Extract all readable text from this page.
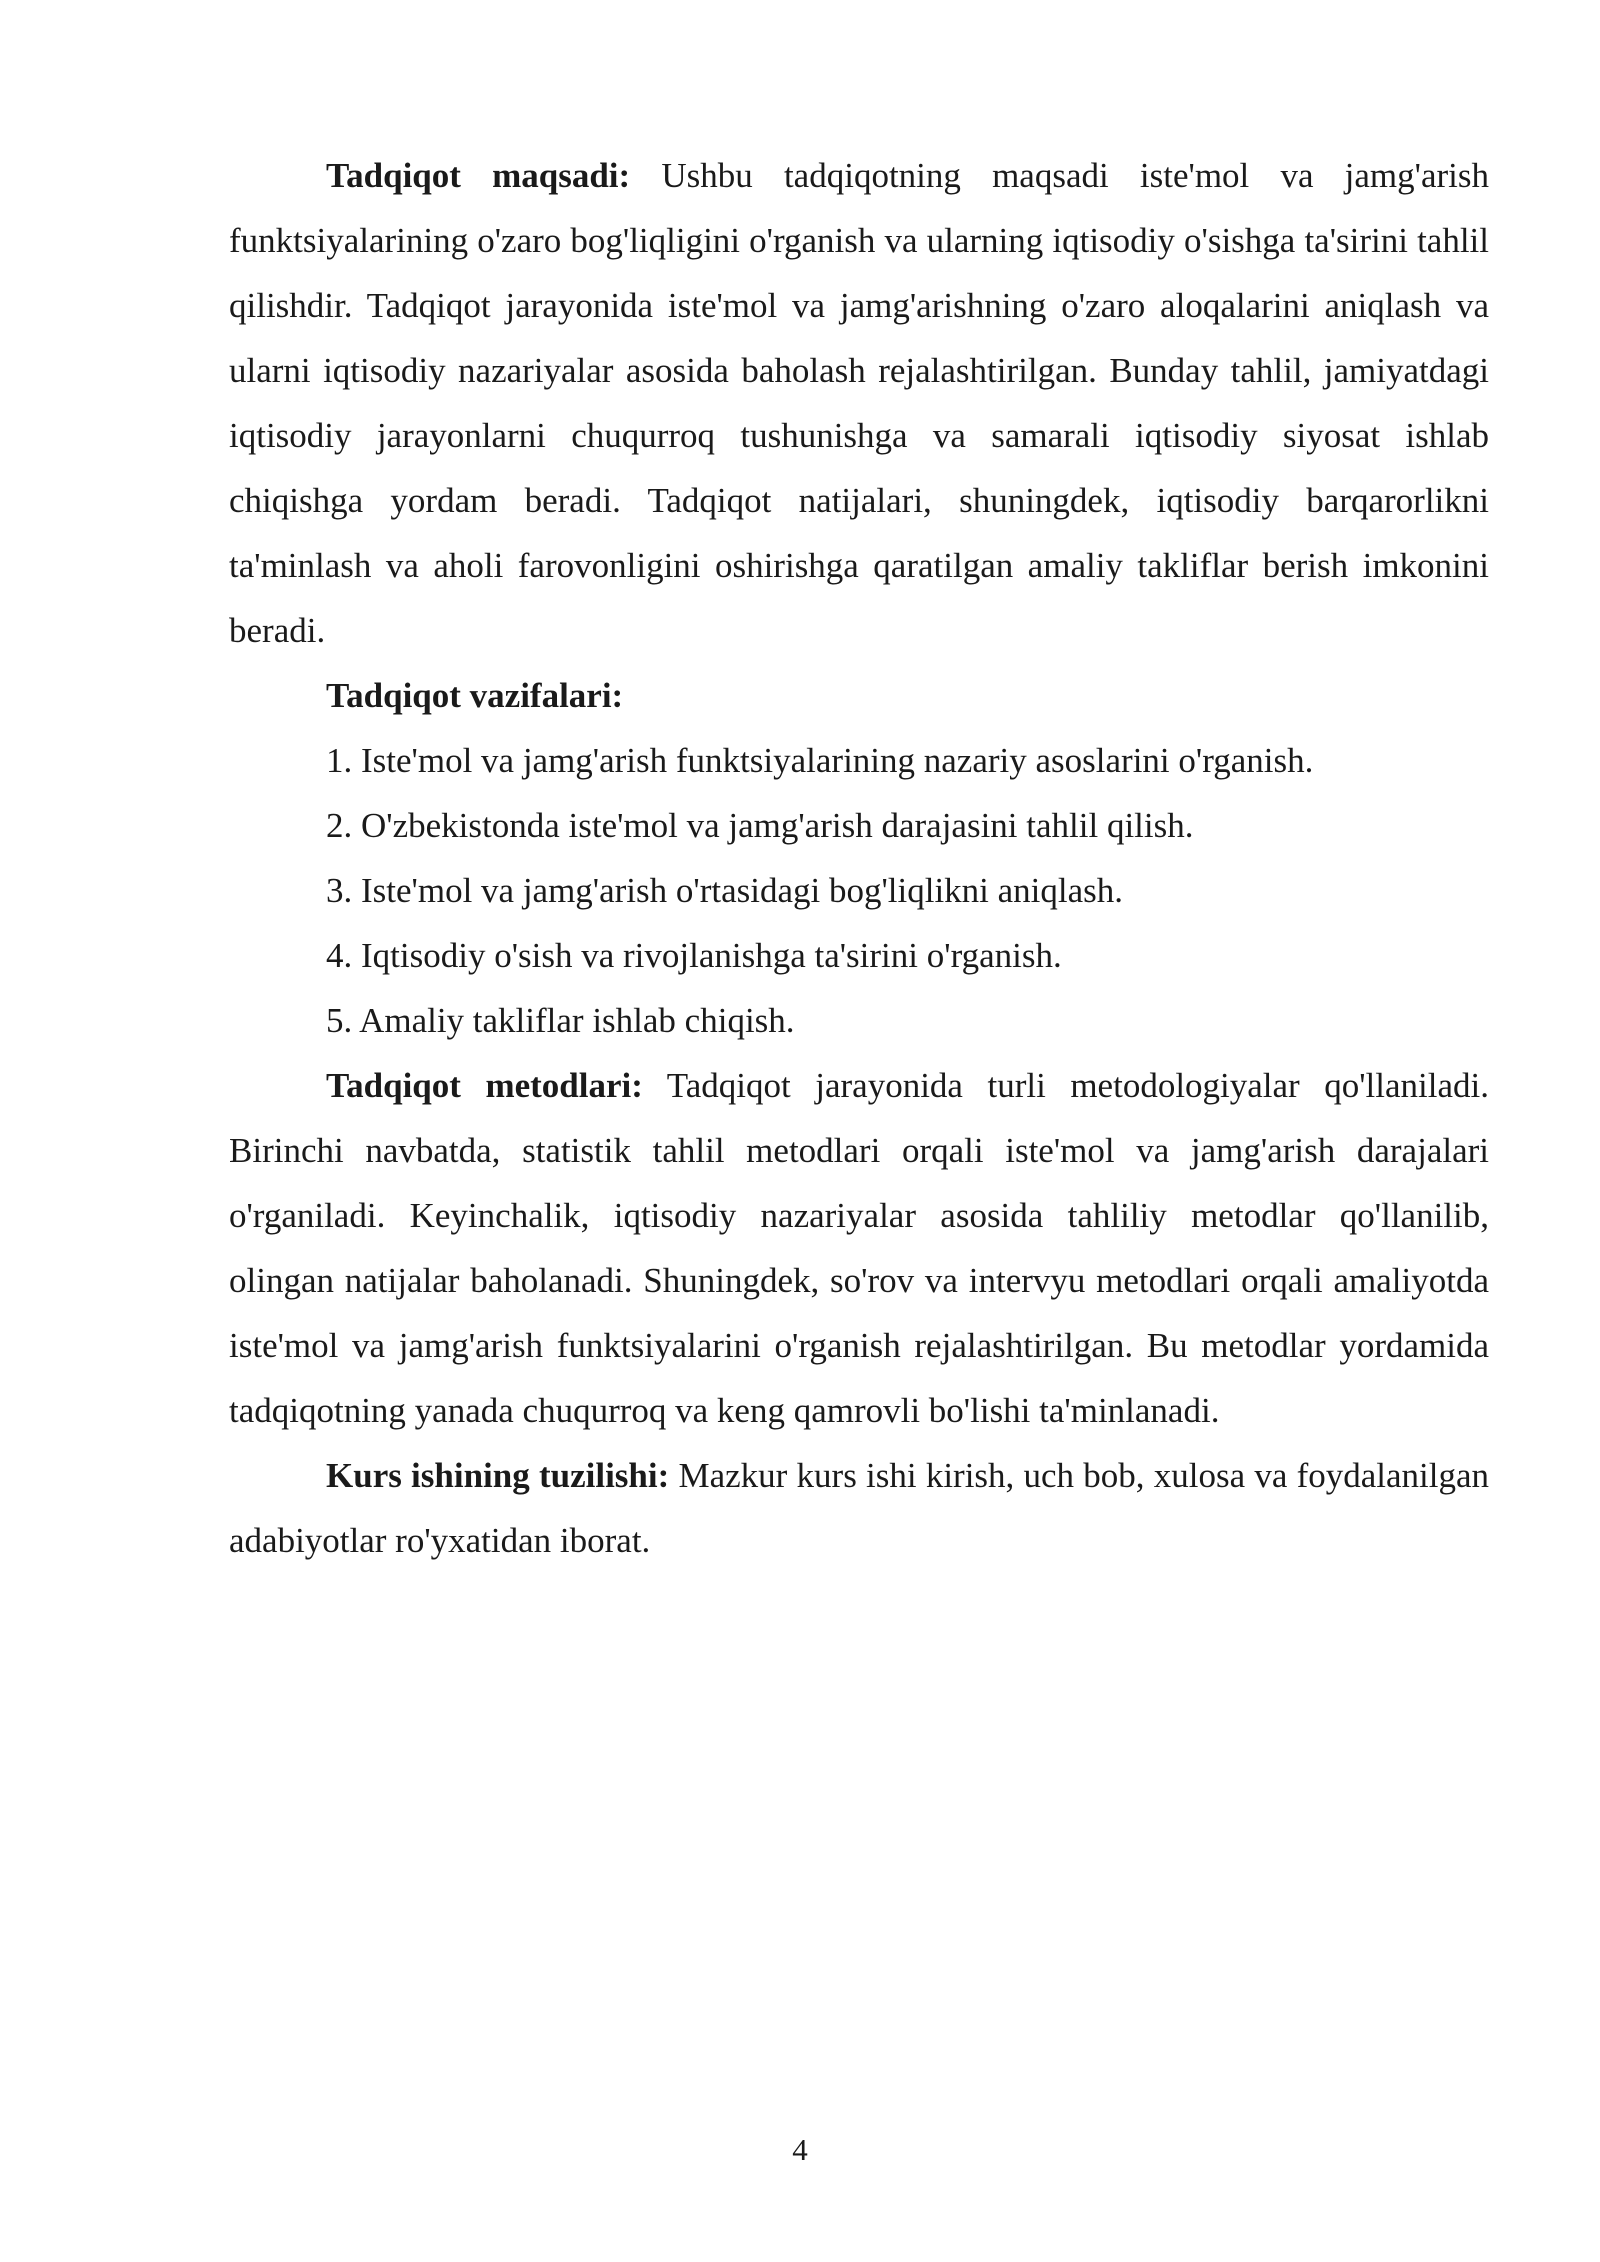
Tadqiqot maqsadi: Ushbu tadqiqotning maqsadi iste'mol va jamg'arish funktsiyalarining o'zaro bog'liqligini o'rganish va ularning iqtisodiy o'sishga ta'sirini tahlil qilishdir. Tadqiqot jarayonida iste'mol va jamg'arishning o'zaro aloqalarini aniqlash va ularni iqtisodiy nazariyalar asosida baholash rejalashtirilgan. Bunday tahlil, jamiyatdagi iqtisodiy jarayonlarni chuqurroq tushunishga va samarali iqtisodiy siyosat ishlab chiqishga yordam beradi. Tadqiqot natijalari, shuningdek, iqtisodiy barqarorlikni ta'minlash va aholi farovonligini oshirishga qaratilgan amaliy takliflar berish imkonini beradi.

Tadqiqot vazifalari:

1. Iste'mol va jamg'arish funktsiyalarining nazariy asoslarini o'rganish.

2. O'zbekistonda iste'mol va jamg'arish darajasini tahlil qilish.

3. Iste'mol va jamg'arish o'rtasidagi bog'liqlikni aniqlash.

4. Iqtisodiy o'sish va rivojlanishga ta'sirini o'rganish.

5. Amaliy takliflar ishlab chiqish.

Tadqiqot metodlari: Tadqiqot jarayonida turli metodologiyalar qo'llaniladi. Birinchi navbatda, statistik tahlil metodlari orqali iste'mol va jamg'arish darajalari o'rganiladi. Keyinchalik, iqtisodiy nazariyalar asosida tahliliy metodlar qo'llanilib, olingan natijalar baholanadi. Shuningdek, so'rov va intervyu metodlari orqali amaliyotda iste'mol va jamg'arish funktsiyalarini o'rganish rejalashtirilgan. Bu metodlar yordamida tadqiqotning yanada chuqurroq va keng qamrovli bo'lishi ta'minlanadi.

Kurs ishining tuzilishi: Mazkur kurs ishi kirish, uch bob, xulosa va foydalanilgan adabiyotlar ro'yxatidan iborat.

4
